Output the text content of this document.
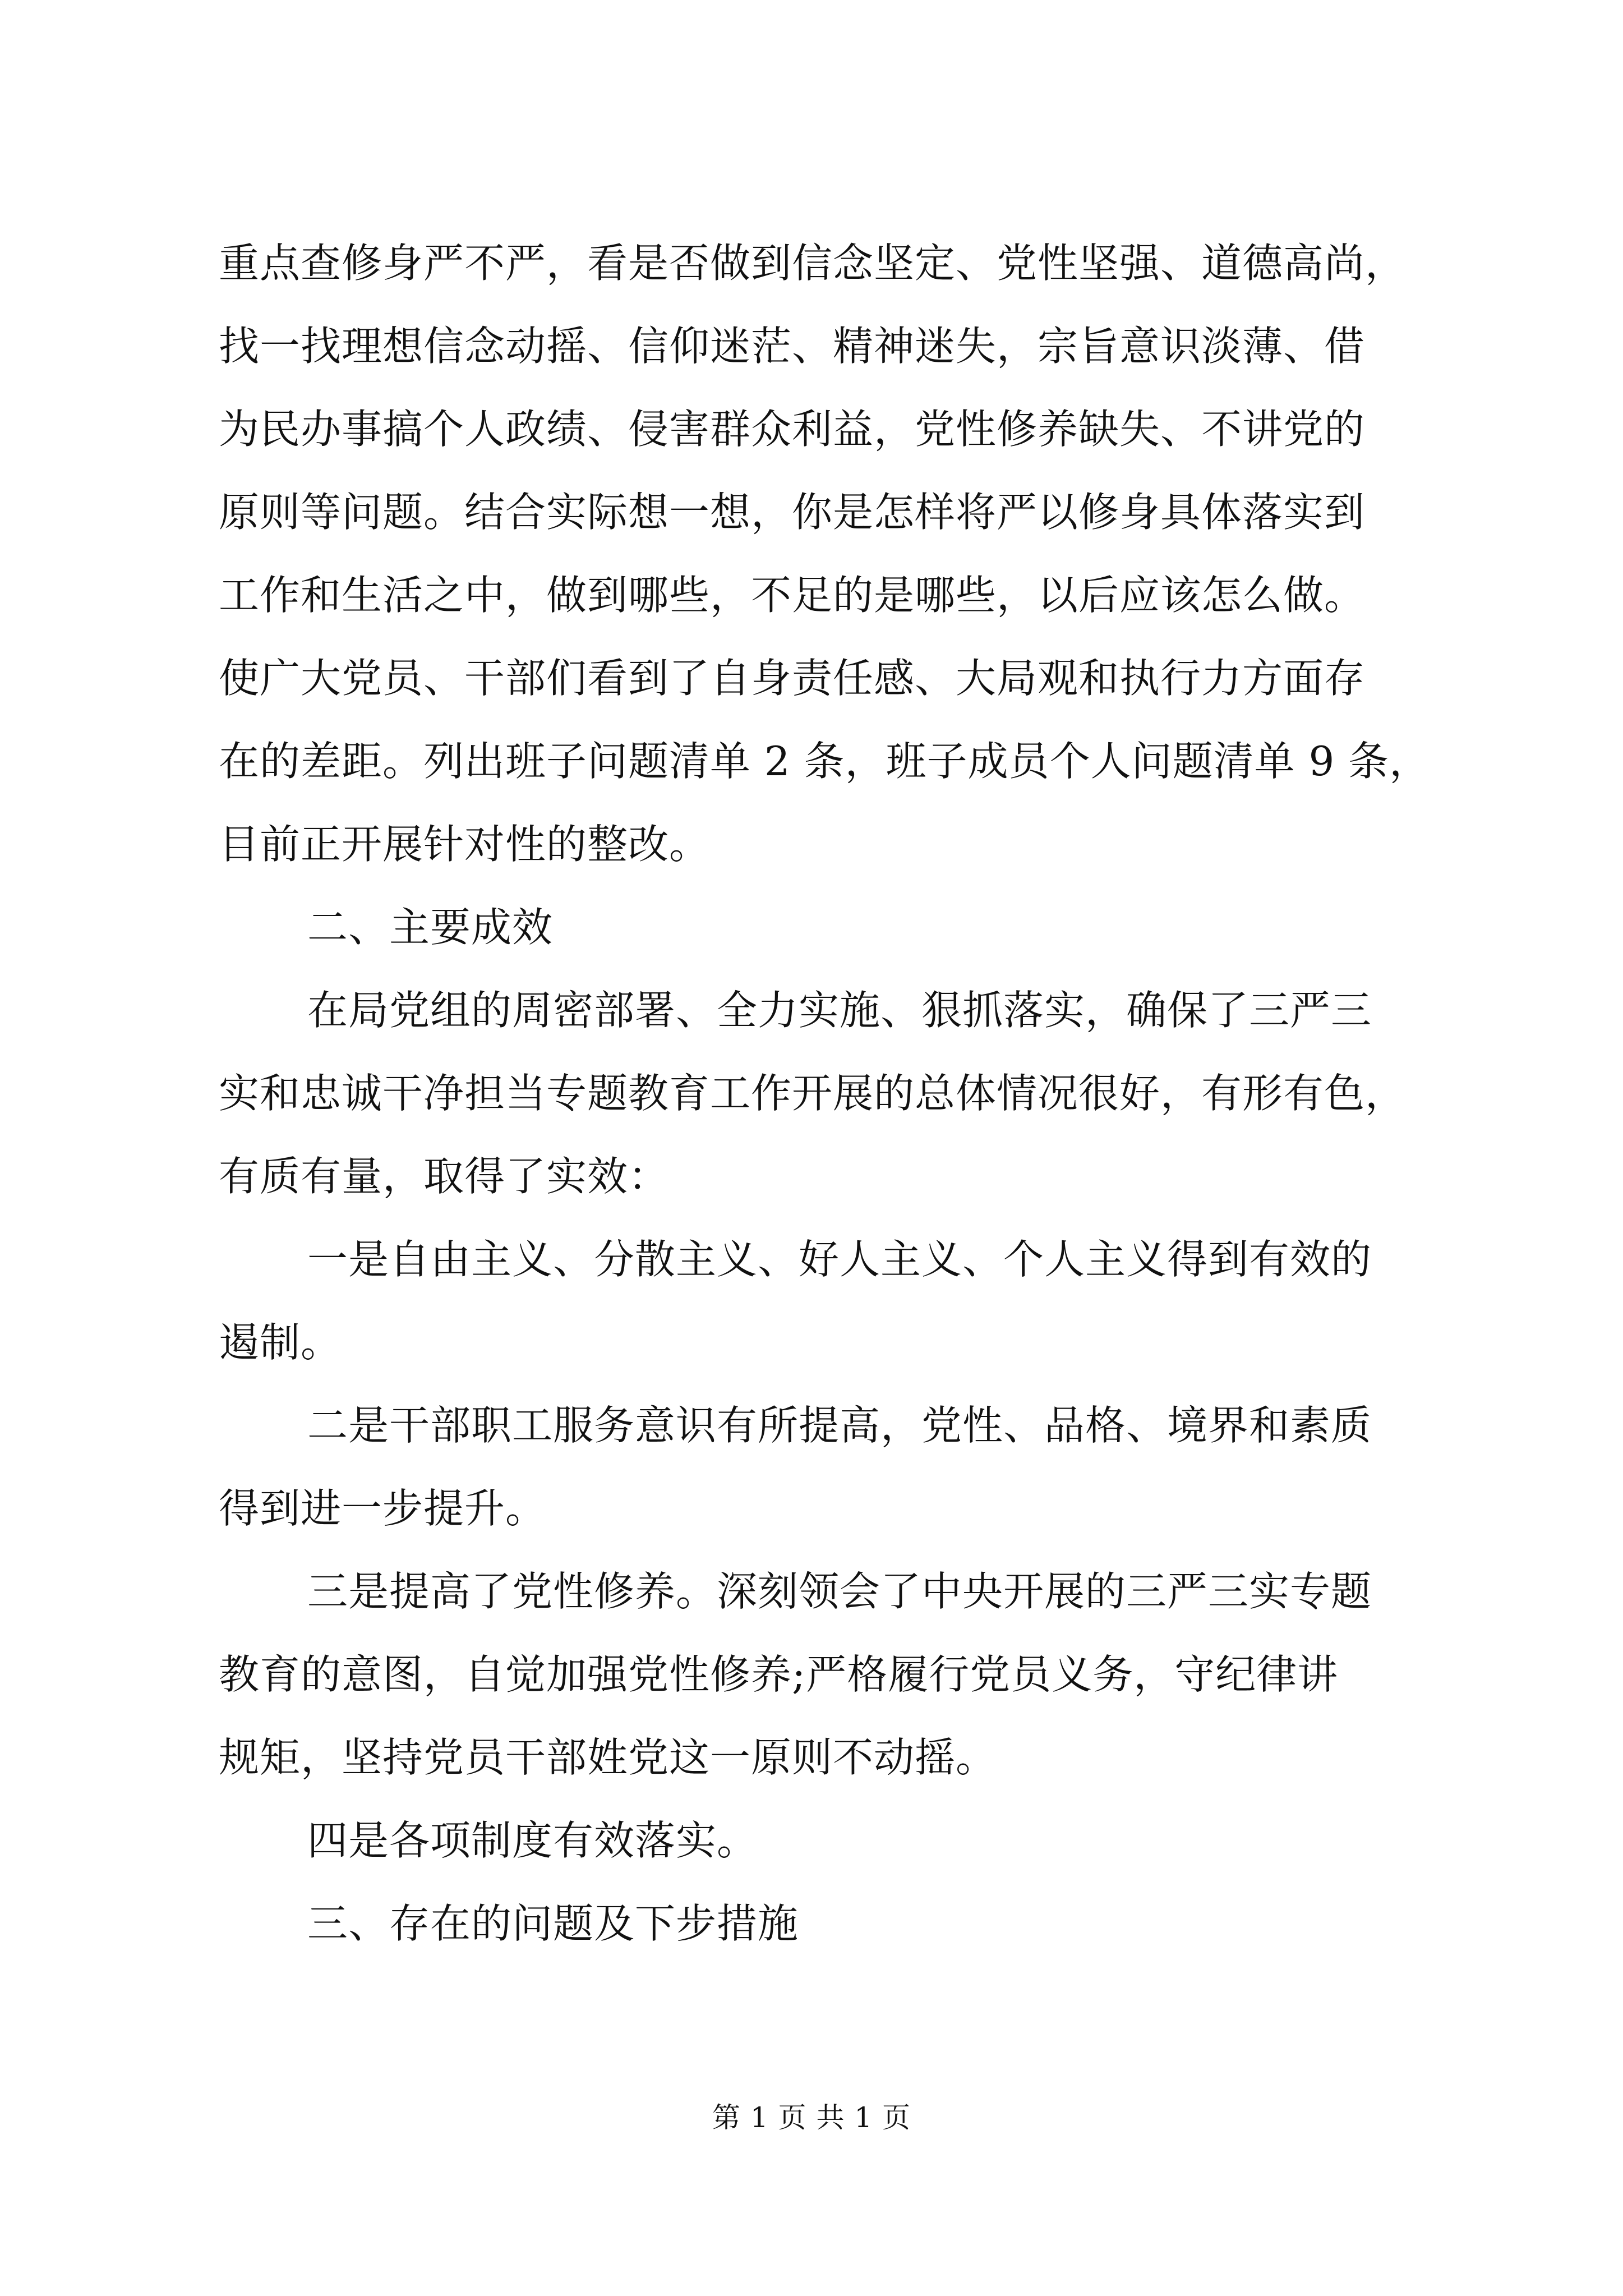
重点查修身严不严，看是否做到信念坚定、党性坚强、道德高尚，
找一找理想信念动摇、信仰迷茫、精神迷失，宗旨意识淡薄、借
为民办事搞个人政绩、侵害群众利益，党性修养缺失、不讲党的
原则等问题。结合实际想一想，你是怎样将严以修身具体落实到
工作和生活之中，做到哪些，不足的是哪些，以后应该怎么做。
使广大党员、干部们看到了自身责任感、大局观和执行力方面存
在的差距。列出班子问题清单 2 条，班子成员个人问题清单 9 条，
目前正开展针对性的整改。
二、主要成效
在局党组的周密部署、全力实施、狠抓落实，确保了三严三
实和忠诚干净担当专题教育工作开展的总体情况很好，有形有色，
有质有量，取得了实效：
一是自由主义、分散主义、好人主义、个人主义得到有效的
遏制。
二是干部职工服务意识有所提高，党性、品格、境界和素质
得到进一步提升。
三是提高了党性修养。深刻领会了中央开展的三严三实专题
教育的意图，自觉加强党性修养;严格履行党员义务，守纪律讲
规矩，坚持党员干部姓党这一原则不动摇。
四是各项制度有效落实。
三、存在的问题及下步措施
第 1 页 共 1 页
